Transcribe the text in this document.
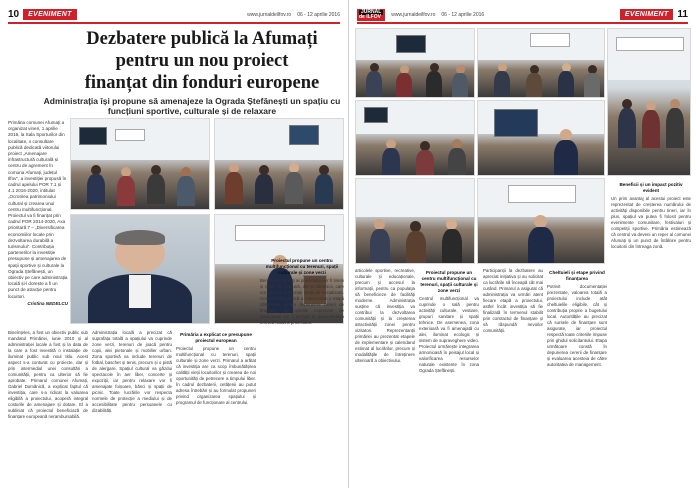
10	EVENIMENT	www.jurnaldeilfov.ro 06 - 12 aprilie 2016
Dezbatere publică la Afumați
pentru un nou proiect
finanțat din fonduri europene
Administrația își propune să amenajeze la Ograda Ștefănești un spațiu cu funcțiuni sportive, culturale și de relaxare
Primăria comunei Afumați a organizat vineri, 1 aprilie 2016, la Sala Sporturilor din localitate, o consultare publică dedicată viitorului proiect „Amenajare infrastructură culturală și centru de agrement în comuna Afumați, județul Ilfov", a investiției propusă în cadrul apelului POR 7.1 și 4.1 2016-2020, intitulat „Ocrotirea patrimoniului cultural și crearea unui centru multifuncțional. Proiectul va fi finanțat prin cadrul POR 2014-2020, Axa prioritară 7 – „Diversificarea economiilor locale prin dezvoltarea durabilă a turismului". Contribuția partenerilor la investiție presupune și amenajarea de spații sportive și culturale la Ograda Ștefănești, un obiectiv pe care administrația locală și-l dorește a fi un punct de atracție pentru locuitori.
Cristina NEDELCU

Bineînțeles, a fost un obiectiv public sub mandatul Primăriei, iunie 2010 și al administrației locale a fost și la data de la care a fost investită o instalație de iluminat public sub noul titlu. Acest aspect s-a conturat cu proiecte, dar și prin intermediul unei consultări a comunității, pentru ca ulterior să fie aprobate. Primarul comunei Afumați, Gabriel Dumănică, a explicat faptul că investiția, care s-a ridicat la valoarea eligibilă a proiectului, acoperă integral costurile de amenajare și dotare. El a subliniat că proiectul beneficiază de finanțare europeană nerambursabilă.

Administrația locală a precizat că suprafața totală a spațiului va cuprinde zone verzi, terenuri de joacă pentru copii, alei pietonale și mobilier urban. Zona sportivă va include terenuri de fotbal, baschet și tenis, precum și o pistă de alergare. Spațiul cultural va găzdui spectacole în aer liber, concerte și expoziții, iar pentru relaxare vor fi amenajate foișoare, bănci și spații de picnic. Toate lucrările vor respecta normele de protecție a mediului și de accesibilitate pentru persoanele cu dizabilități.

Primăria a explicat ce presupune proiectul european

Proiectul propune un centru multifuncțional cu terenuri, spații culturale și zone verzi. Primarul a arătat că investiția are ca scop îmbunătățirea calității vieții locuitorilor și crearea de noi oportunități de petrecere a timpului liber. În cadrul dezbaterii, cetățenii au putut adresa întrebări și au formulat propuneri privind organizarea spațiului și programul de funcționare al centrului.

Proiectul propune un centru multifuncțional cu terenuri, spații culturale și zone verzi

Beneficiarii direcți ai proiectului vor fi tinerii și copiii din comună, dar și vârstnicii, care vor avea la dispoziție spații de socializare. Consultarea publică a reprezentat o etapă obligatorie pentru depunerea cererii de finanțare, iar opiniile exprimate de participanți vor fi incluse în documentația tehnică finală a proiectului.

JURNAL
de ILFOV	www.jurnaldeilfov.ro 06 - 12 aprilie 2016	EVENIMENT 11

articolele sportive, recreative, culturale și educaționale, precum și accesul la informații, pentru ca populația să beneficieze de facilități moderne. Administrația susține că investiția va contribui la dezvoltarea comunității și la creșterea atractivității zonei pentru vizitatori. Reprezentanții primăriei au prezentat etapele de implementare și calendarul estimat al lucrărilor, precum și modalitățile de întreținere ulterioară a obiectivului.

Proiectul propune un centru multifuncțional cu terenuri, spații culturale și zone verzi

Centrul multifuncțional va cuprinde o sală pentru activități culturale, vestiare, grupuri sanitare și spații tehnice. De asemenea, zona exterioară va fi amenajată cu alei, iluminat ecologic și sistem de supraveghere video. Proiectul urmărește integrarea armonioasă în peisajul local și valorificarea resurselor naturale existente în zona Ograda Ștefănești.

Participanții la dezbatere au apreciat inițiativa și au solicitat ca lucrările să înceapă cât mai curând. Primarul a asigurat că administrația va urmări atent fiecare etapă a proiectului, astfel încât investiția să fie finalizată în termenul stabilit prin contractul de finanțare și să răspundă nevoilor comunității.

Cheltuieli și etape privind finanțarea

Potrivit documentației prezentate, valoarea totală a proiectului include atât cheltuielile eligibile, cât și contribuția proprie a bugetului local. Autoritățile au precizat că sursele de finanțare sunt asigurate, iar proiectul respectă toate criteriile impuse prin ghidul solicitantului. Etapa următoare constă în depunerea cererii de finanțare și evaluarea acesteia de către autoritatea de management.

Beneficii și un impact pozitiv evident

Un prim avantaj al acestui proiect este reprezentat de creșterea numărului de activități disponibile pentru tineri, iar în plus, spațiul va putea fi folosit pentru evenimente comunitare, festivaluri și competiții sportive. Primăria estimează că centrul va deveni un reper al comunei Afumați și un punct de întâlnire pentru locuitorii din întreaga zonă.
